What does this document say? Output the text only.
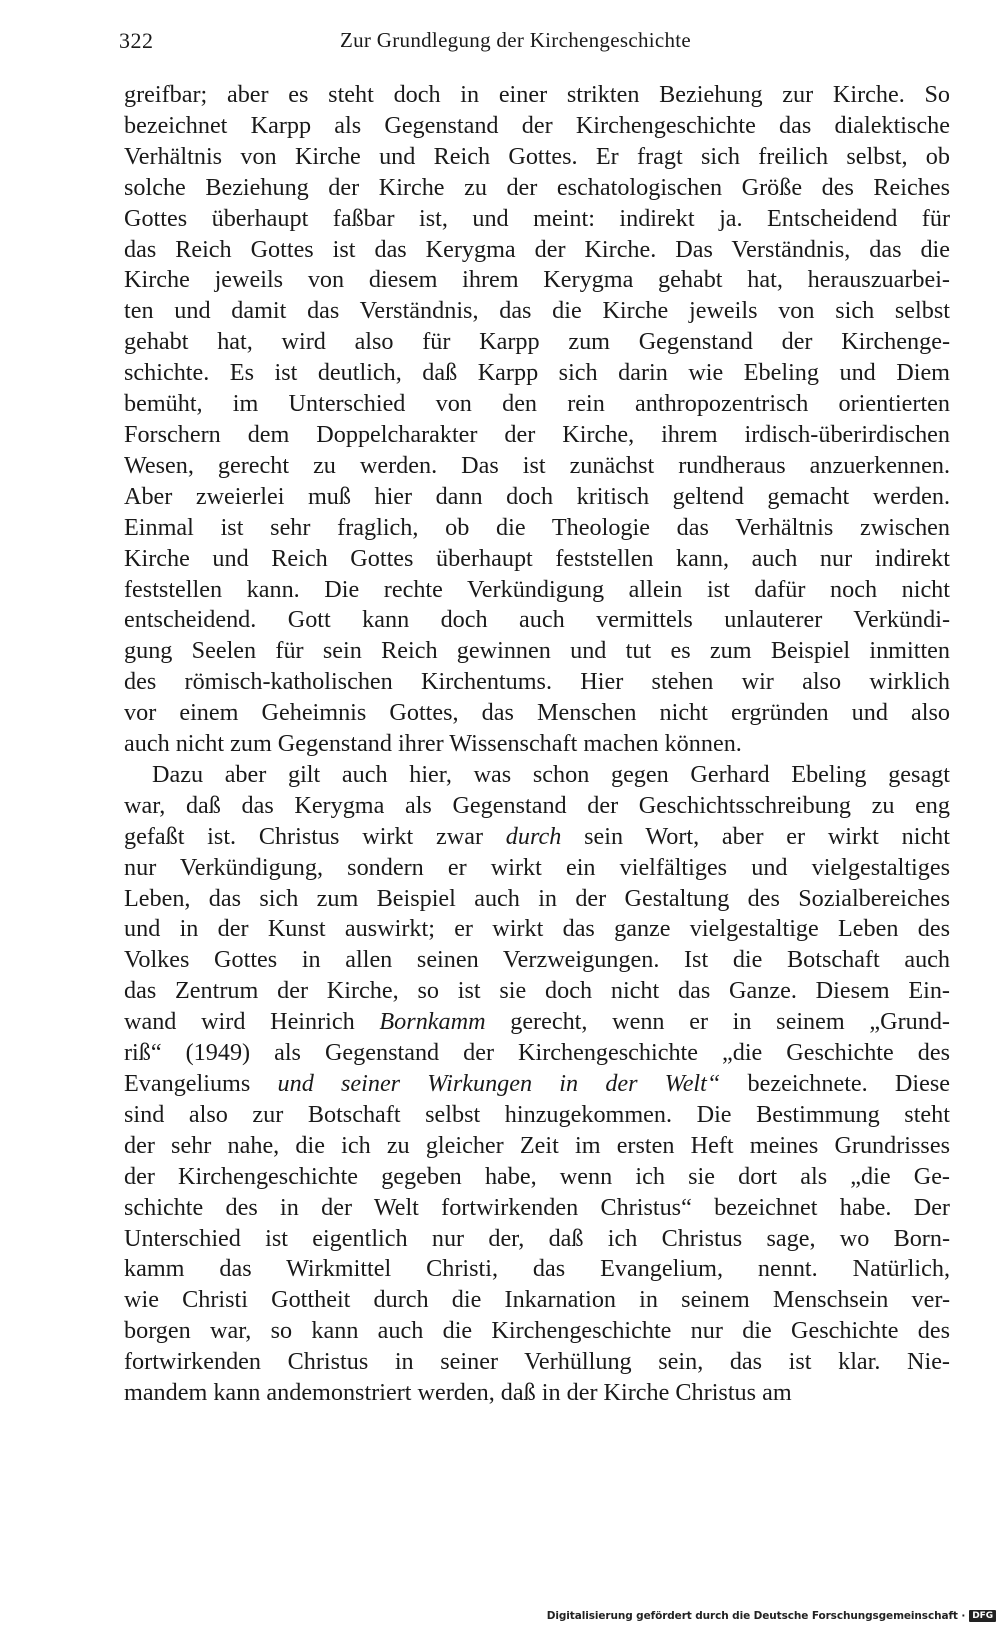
322	Zur Grundlegung der Kirchengeschichte

greifbar; aber es steht doch in einer strikten Beziehung zur Kirche. So
bezeichnet Karpp als Gegenstand der Kirchengeschichte das dialektische
Verhältnis von Kirche und Reich Gottes. Er fragt sich freilich selbst, ob
solche Beziehung der Kirche zu der eschatologischen Größe des Reiches
Gottes überhaupt faßbar ist, und meint: indirekt ja. Entscheidend für
das Reich Gottes ist das Kerygma der Kirche. Das Verständnis, das die
Kirche jeweils von diesem ihrem Kerygma gehabt hat, herauszuarbei-
ten und damit das Verständnis, das die Kirche jeweils von sich selbst
gehabt hat, wird also für Karpp zum Gegenstand der Kirchenge-
schichte. Es ist deutlich, daß Karpp sich darin wie Ebeling und Diem
bemüht, im Unterschied von den rein anthropozentrisch orientierten
Forschern dem Doppelcharakter der Kirche, ihrem irdisch-überirdischen
Wesen, gerecht zu werden. Das ist zunächst rundheraus anzuerkennen.
Aber zweierlei muß hier dann doch kritisch geltend gemacht werden.
Einmal ist sehr fraglich, ob die Theologie das Verhältnis zwischen
Kirche und Reich Gottes überhaupt feststellen kann, auch nur indirekt
feststellen kann. Die rechte Verkündigung allein ist dafür noch nicht
entscheidend. Gott kann doch auch vermittels unlauterer Verkündi-
gung Seelen für sein Reich gewinnen und tut es zum Beispiel inmitten
des römisch-katholischen Kirchentums. Hier stehen wir also wirklich
vor einem Geheimnis Gottes, das Menschen nicht ergründen und also
auch nicht zum Gegenstand ihrer Wissenschaft machen können.

Dazu aber gilt auch hier, was schon gegen Gerhard Ebeling gesagt
war, daß das Kerygma als Gegenstand der Geschichtsschreibung zu eng
gefaßt ist. Christus wirkt zwar durch sein Wort, aber er wirkt nicht
nur Verkündigung, sondern er wirkt ein vielfältiges und vielgestaltiges
Leben, das sich zum Beispiel auch in der Gestaltung des Sozialbereiches
und in der Kunst auswirkt; er wirkt das ganze vielgestaltige Leben des
Volkes Gottes in allen seinen Verzweigungen. Ist die Botschaft auch
das Zentrum der Kirche, so ist sie doch nicht das Ganze. Diesem Ein-
wand wird Heinrich Bornkamm gerecht, wenn er in seinem „Grund-
riß“ (1949) als Gegenstand der Kirchengeschichte „die Geschichte des
Evangeliums und seiner Wirkungen in der Welt“ bezeichnete. Diese
sind also zur Botschaft selbst hinzugekommen. Die Bestimmung steht
der sehr nahe, die ich zu gleicher Zeit im ersten Heft meines Grundrisses
der Kirchengeschichte gegeben habe, wenn ich sie dort als „die Ge-
schichte des in der Welt fortwirkenden Christus“ bezeichnet habe. Der
Unterschied ist eigentlich nur der, daß ich Christus sage, wo Born-
kamm das Wirkmittel Christi, das Evangelium, nennt. Natürlich,
wie Christi Gottheit durch die Inkarnation in seinem Menschsein ver-
borgen war, so kann auch die Kirchengeschichte nur die Geschichte des
fortwirkenden Christus in seiner Verhüllung sein, das ist klar. Nie-
mandem kann andemonstriert werden, daß in der Kirche Christus am

Digitalisierung gefördert durch die Deutsche Forschungsgemeinschaft · DFG
